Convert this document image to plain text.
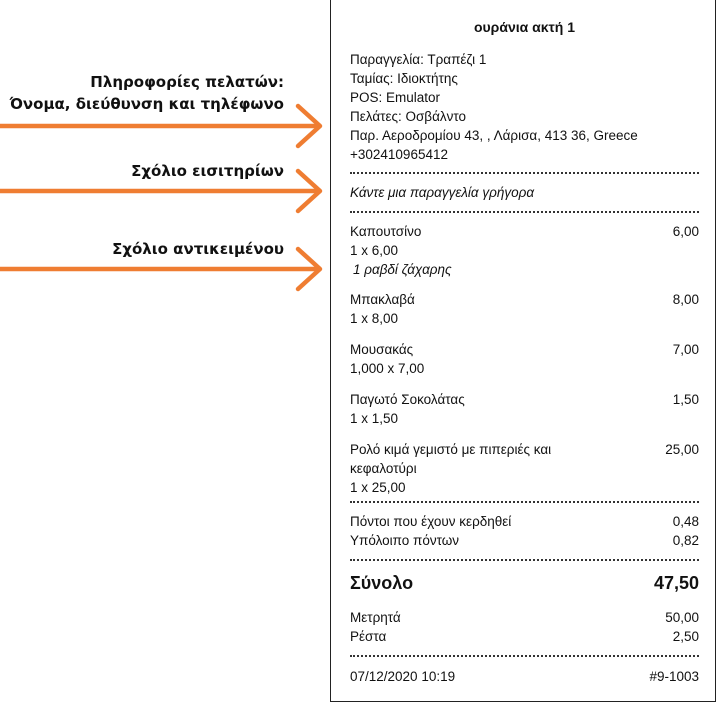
Πληροφορίες πελατών:
Όνομα, διεύθυνση και τηλέφωνο
Σχόλιο εισιτηρίων
Σχόλιο αντικειμένου
ουράνια ακτή 1
Παραγγελία: Τραπέζι 1
Ταμίας: Ιδιοκτήτης
POS: Emulator
Πελάτες: Οσβάλντο
Παρ. Αεροδρομίου 43, , Λάρισα, 413 36, Greece
+302410965412
Κάντε μια παραγγελία γρήγορα
Καπουτσίνο	6,00
1 x 6,00
1 ραβδί ζάχαρης
Μπακλαβά	8,00
1 x 8,00
Μουσακάς	7,00
1,000 x 7,00
Παγωτό Σοκολάτας	1,50
1 x 1,50
Ρολό κιμά γεμιστό με πιπεριές και	25,00
κεφαλοτύρι
1 x 25,00
Πόντοι που έχουν κερδηθεί	0,48
Υπόλοιπο πόντων	0,82
Σύνολο	47,50
Μετρητά	50,00
Ρέστα	2,50
07/12/2020 10:19	#9-1003
